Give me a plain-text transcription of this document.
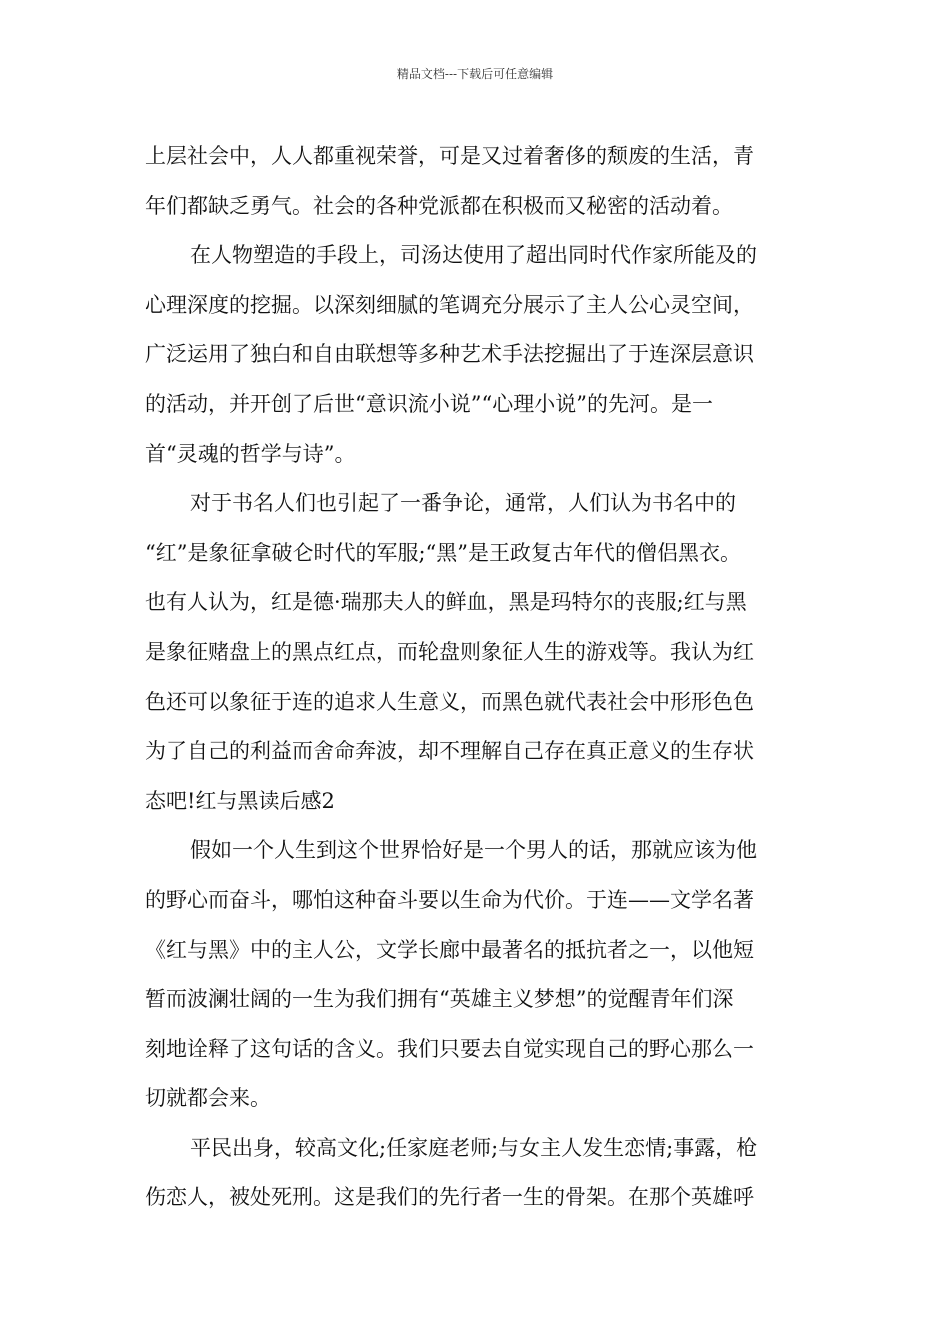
精品文档---下载后可任意编辑
上层社会中，人人都重视荣誉，可是又过着奢侈的颓废的生活，青
年们都缺乏勇气。社会的各种党派都在积极而又秘密的活动着。
在人物塑造的手段上，司汤达使用了超出同时代作家所能及的
心理深度的挖掘。以深刻细腻的笔调充分展示了主人公心灵空间，
广泛运用了独白和自由联想等多种艺术手法挖掘出了于连深层意识
的活动，并开创了后世“意识流小说”“心理小说”的先河。是一
首“灵魂的哲学与诗”。
对于书名人们也引起了一番争论，通常，人们认为书名中的
“红”是象征拿破仑时代的军服;“黑”是王政复古年代的僧侣黑衣。
也有人认为，红是德·瑞那夫人的鲜血，黑是玛特尔的丧服;红与黑
是象征赌盘上的黑点红点，而轮盘则象征人生的游戏等。我认为红
色还可以象征于连的追求人生意义，而黑色就代表社会中形形色色
为了自己的利益而舍命奔波，却不理解自己存在真正意义的生存状
态吧!红与黑读后感2
假如一个人生到这个世界恰好是一个男人的话，那就应该为他
的野心而奋斗，哪怕这种奋斗要以生命为代价。于连——文学名著
《红与黑》中的主人公，文学长廊中最著名的抵抗者之一，以他短
暂而波澜壮阔的一生为我们拥有“英雄主义梦想”的觉醒青年们深
刻地诠释了这句话的含义。我们只要去自觉实现自己的野心那么一
切就都会来。
平民出身，较高文化;任家庭老师;与女主人发生恋情;事露，枪
伤恋人，被处死刑。这是我们的先行者一生的骨架。在那个英雄呼
